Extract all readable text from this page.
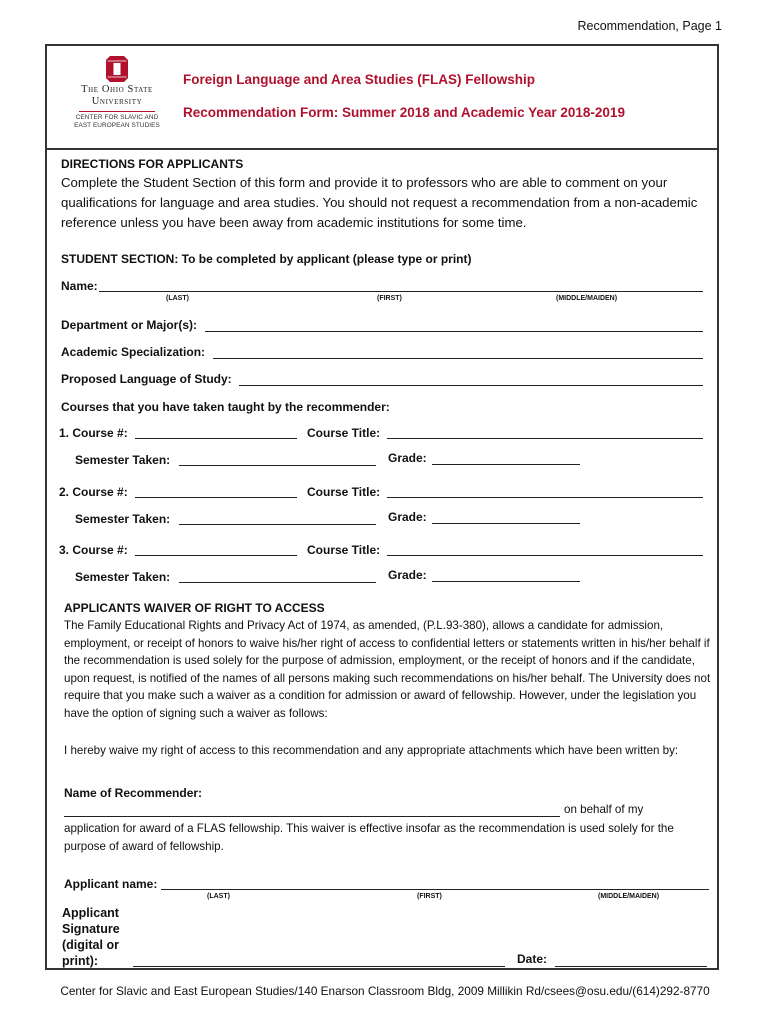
Recommendation, Page 1
The Ohio State
University
CENTER FOR SLAVIC AND
EAST EUROPEAN STUDIES
Foreign Language and Area Studies (FLAS) Fellowship
Recommendation Form: Summer 2018 and Academic Year 2018-2019
DIRECTIONS FOR APPLICANTS
Complete the Student Section of this form and provide it to professors who are able to comment on your qualifications for language and area studies. You should not request a recommendation from a non-academic reference unless you have been away from academic institutions for some time.
STUDENT SECTION: To be completed by applicant (please type or print)
Name:
(LAST)	(FIRST)	(MIDDLE/MAIDEN)
Department or Major(s):
Academic Specialization:
Proposed Language of Study:
Courses that you have taken taught by the recommender:
1. Course #:	Course Title:
Semester Taken:	Grade:
2. Course #:	Course Title:
Semester Taken:	Grade:
3. Course #:	Course Title:
Semester Taken:	Grade:
APPLICANTS WAIVER OF RIGHT TO ACCESS
The Family Educational Rights and Privacy Act of 1974, as amended, (P.L.93-380), allows a candidate for admission, employment, or receipt of honors to waive his/her right of access to confidential letters or statements written in his/her behalf if the recommendation is used solely for the purpose of admission, employment, or the receipt of honors and if the candidate, upon request, is notified of the names of all persons making such recommendations on his/her behalf. The University does not require that you make such a waiver as a condition for admission or award of fellowship. However, under the legislation you have the option of signing such a waiver as follows:
I hereby waive my right of access to this recommendation and any appropriate attachments which have been written by:
Name of Recommender:
on behalf of my
application for award of a FLAS fellowship. This waiver is effective insofar as the recommendation is used solely for the purpose of award of fellowship.
Applicant name:
(LAST)	(FIRST)	(MIDDLE/MAIDEN)
Applicant
Signature
(digital or
print):	Date:
Center for Slavic and East European Studies/140 Enarson Classroom Bldg, 2009 Millikin Rd/csees@osu.edu/(614)292-8770
